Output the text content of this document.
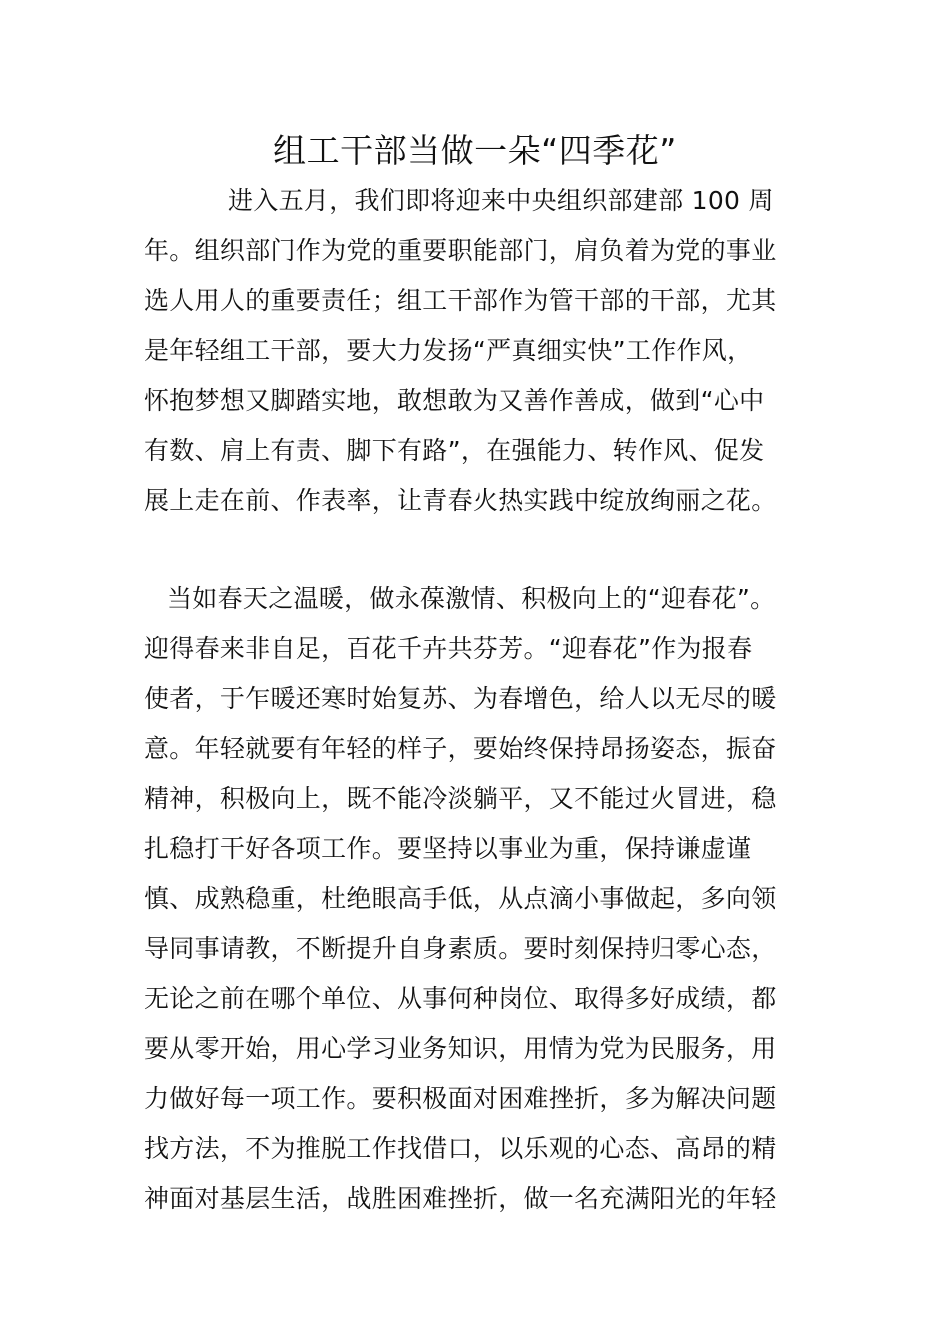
组工干部当做一朵“四季花”
进入五月，我们即将迎来中央组织部建部 100 周
年。组织部门作为党的重要职能部门，肩负着为党的事业
选人用人的重要责任；组工干部作为管干部的干部，尤其
是年轻组工干部，要大力发扬“严真细实快”工作作风，
怀抱梦想又脚踏实地，敢想敢为又善作善成，做到“心中
有数、肩上有责、脚下有路”，在强能力、转作风、促发
展上走在前、作表率，让青春火热实践中绽放绚丽之花。
当如春天之温暖，做永葆激情、积极向上的“迎春花”。
迎得春来非自足，百花千卉共芬芳。“迎春花”作为报春
使者，于乍暖还寒时始复苏、为春增色，给人以无尽的暖
意。年轻就要有年轻的样子，要始终保持昂扬姿态，振奋
精神，积极向上，既不能冷淡躺平，又不能过火冒进，稳
扎稳打干好各项工作。要坚持以事业为重，保持谦虚谨
慎、成熟稳重，杜绝眼高手低，从点滴小事做起，多向领
导同事请教，不断提升自身素质。要时刻保持归零心态，
无论之前在哪个单位、从事何种岗位、取得多好成绩，都
要从零开始，用心学习业务知识，用情为党为民服务，用
力做好每一项工作。要积极面对困难挫折，多为解决问题
找方法，不为推脱工作找借口，以乐观的心态、高昂的精
神面对基层生活，战胜困难挫折，做一名充满阳光的年轻
